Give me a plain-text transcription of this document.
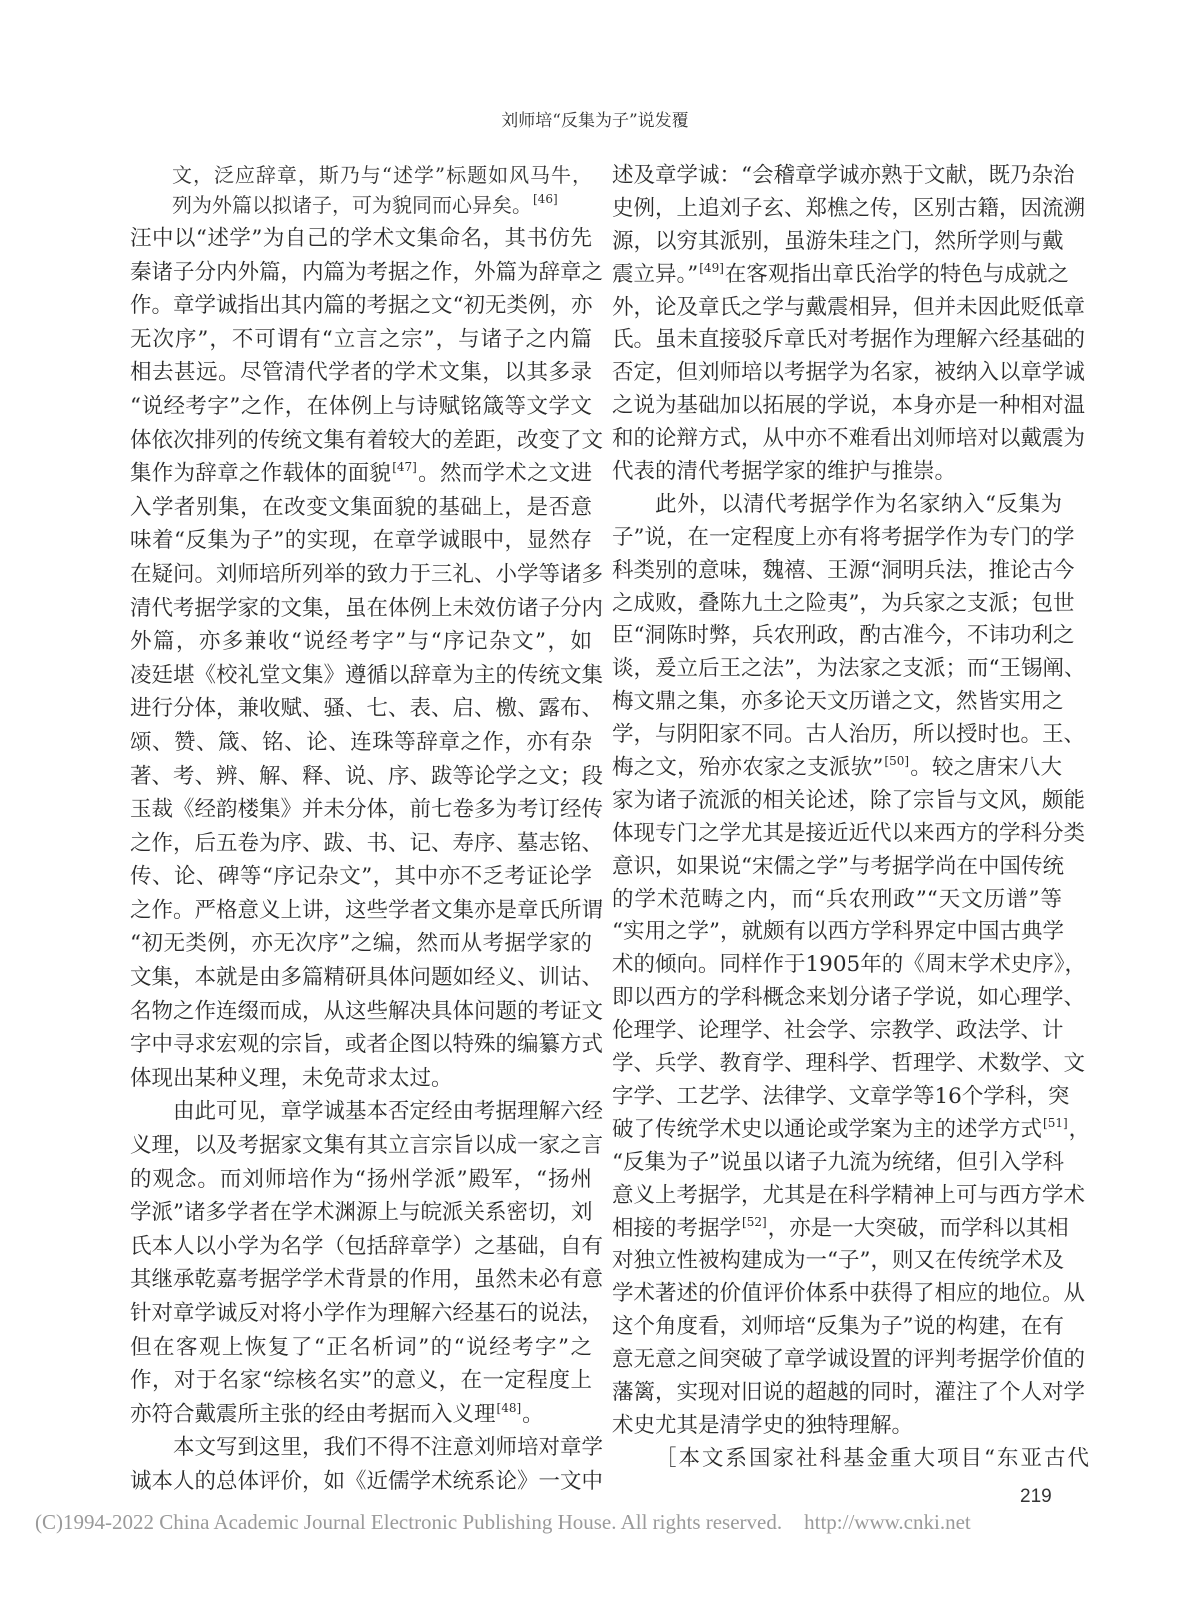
刘师培“反集为子”说发覆
文，泛应辞章，斯乃与“述学”标题如风马牛，
列为外篇以拟诸子，可为貌同而心异矣。[46]
汪中以“述学”为自己的学术文集命名，其书仿先
秦诸子分内外篇，内篇为考据之作，外篇为辞章之
作。章学诚指出其内篇的考据之文“初无类例，亦
无次序”，不可谓有“立言之宗”，与诸子之内篇
相去甚远。尽管清代学者的学术文集，以其多录
“说经考字”之作，在体例上与诗赋铭箴等文学文
体依次排列的传统文集有着较大的差距，改变了文
集作为辞章之作载体的面貌[47]。然而学术之文进
入学者别集，在改变文集面貌的基础上，是否意
味着“反集为子”的实现，在章学诚眼中，显然存
在疑问。刘师培所列举的致力于三礼、小学等诸多
清代考据学家的文集，虽在体例上未效仿诸子分内
外篇，亦多兼收“说经考字”与“序记杂文”，如
凌廷堪《校礼堂文集》遵循以辞章为主的传统文集
进行分体，兼收赋、骚、七、表、启、檄、露布、
颂、赞、箴、铭、论、连珠等辞章之作，亦有杂
著、考、辨、解、释、说、序、跋等论学之文；段
玉裁《经韵楼集》并未分体，前七卷多为考订经传
之作，后五卷为序、跋、书、记、寿序、墓志铭、
传、论、碑等“序记杂文”，其中亦不乏考证论学
之作。严格意义上讲，这些学者文集亦是章氏所谓
“初无类例，亦无次序”之编，然而从考据学家的
文集，本就是由多篇精研具体问题如经义、训诂、
名物之作连缀而成，从这些解决具体问题的考证文
字中寻求宏观的宗旨，或者企图以特殊的编纂方式
体现出某种义理，未免苛求太过。
由此可见，章学诚基本否定经由考据理解六经
义理，以及考据家文集有其立言宗旨以成一家之言
的观念。而刘师培作为“扬州学派”殿军，“扬州
学派”诸多学者在学术渊源上与皖派关系密切，刘
氏本人以小学为名学（包括辞章学）之基础，自有
其继承乾嘉考据学学术背景的作用，虽然未必有意
针对章学诚反对将小学作为理解六经基石的说法，
但在客观上恢复了“正名析词”的“说经考字”之
作，对于名家“综核名实”的意义，在一定程度上
亦符合戴震所主张的经由考据而入义理[48]。
本文写到这里，我们不得不注意刘师培对章学
诚本人的总体评价，如《近儒学术统系论》一文中
述及章学诚：“会稽章学诚亦熟于文献，既乃杂治
史例，上追刘子玄、郑樵之传，区别古籍，因流溯
源，以穷其派别，虽游朱珪之门，然所学则与戴
震立异。”[49]在客观指出章氏治学的特色与成就之
外，论及章氏之学与戴震相异，但并未因此贬低章
氏。虽未直接驳斥章氏对考据作为理解六经基础的
否定，但刘师培以考据学为名家，被纳入以章学诚
之说为基础加以拓展的学说，本身亦是一种相对温
和的论辩方式，从中亦不难看出刘师培对以戴震为
代表的清代考据学家的维护与推崇。
此外，以清代考据学作为名家纳入“反集为
子”说，在一定程度上亦有将考据学作为专门的学
科类别的意味，魏禧、王源“洞明兵法，推论古今
之成败，叠陈九土之险夷”，为兵家之支派；包世
臣“洞陈时弊，兵农刑政，酌古准今，不讳功利之
谈，爰立后王之法”，为法家之支派；而“王锡阐、
梅文鼎之集，亦多论天文历谱之文，然皆实用之
学，与阴阳家不同。古人治历，所以授时也。王、
梅之文，殆亦农家之支派欤”[50]。较之唐宋八大
家为诸子流派的相关论述，除了宗旨与文风，颇能
体现专门之学尤其是接近近代以来西方的学科分类
意识，如果说“宋儒之学”与考据学尚在中国传统
的学术范畴之内，而“兵农刑政”“天文历谱”等
“实用之学”，就颇有以西方学科界定中国古典学
术的倾向。同样作于1905年的《周末学术史序》，
即以西方的学科概念来划分诸子学说，如心理学、
伦理学、论理学、社会学、宗教学、政法学、计
学、兵学、教育学、理科学、哲理学、术数学、文
字学、工艺学、法律学、文章学等16个学科，突
破了传统学术史以通论或学案为主的述学方式[51]，
“反集为子”说虽以诸子九流为统绪，但引入学科
意义上考据学，尤其是在科学精神上可与西方学术
相接的考据学[52]，亦是一大突破，而学科以其相
对独立性被构建成为一“子”，则又在传统学术及
学术著述的价值评价体系中获得了相应的地位。从
这个角度看，刘师培“反集为子”说的构建，在有
意无意之间突破了章学诚设置的评判考据学价值的
藩篱，实现对旧说的超越的同时，灌注了个人对学
术史尤其是清学史的独特理解。
［本文系国家社科基金重大项目“东亚古代
219
(C)1994-2022 China Academic Journal Electronic Publishing House. All rights reserved. http://www.cnki.net
